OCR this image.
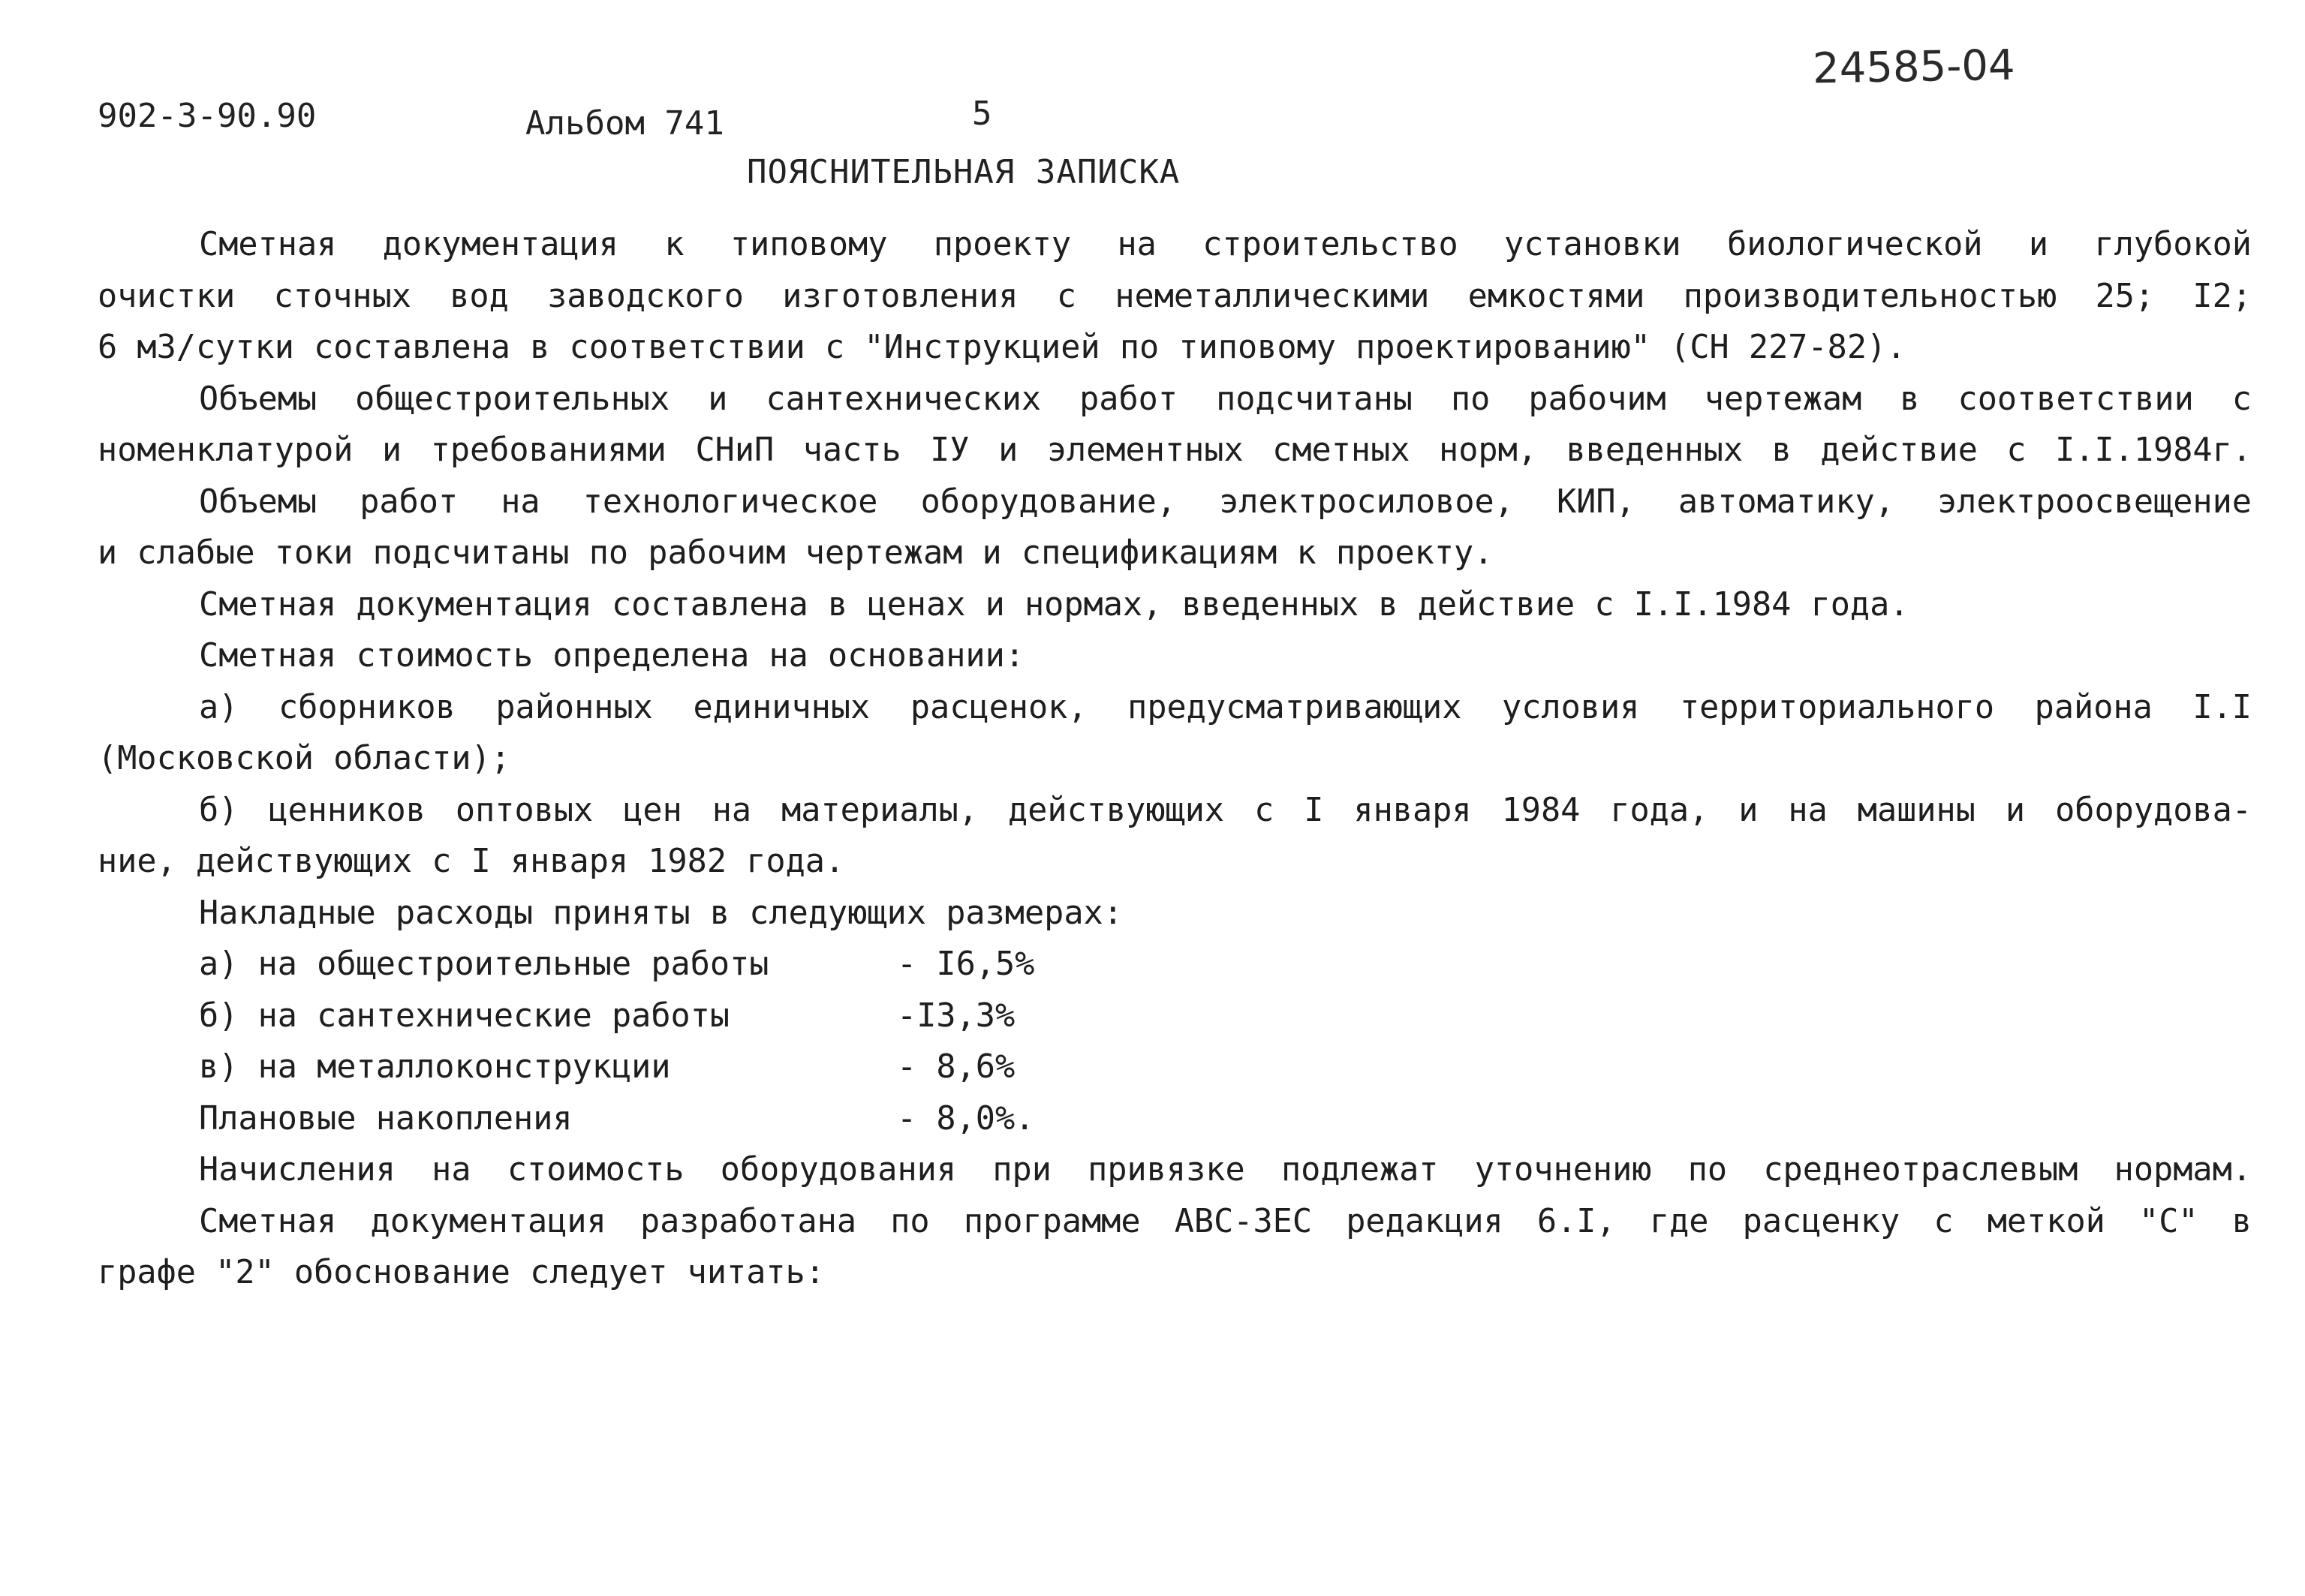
902-3-90.90	Альбом 741	5
24585-04
ПОЯСНИТЕЛЬНАЯ ЗАПИСКА
Сметная документация к типовому проекту на строительство установки биологической и глубокой
очистки сточных вод заводского изготовления с неметаллическими емкостями производительностью 25; I2;
6 м3/сутки составлена в соответствии с "Инструкцией по типовому проектированию" (СН 227-82).
Объемы общестроительных и сантехнических работ подсчитаны по рабочим чертежам в соответствии с
номенклатурой и требованиями СНиП часть IУ и элементных сметных норм, введенных в действие с I.I.1984г.
Объемы работ на технологическое оборудование, электросиловое, КИП, автоматику, электроосвещение
и слабые токи подсчитаны по рабочим чертежам и спецификациям к проекту.
Сметная документация составлена в ценах и нормах, введенных в действие с I.I.1984 года.
Сметная стоимость определена на основании:
а) сборников районных единичных расценок, предусматривающих условия территориального района I.I
(Московской области);
б) ценников оптовых цен на материалы, действующих с I января 1984 года, и на машины и оборудова-
ние, действующих с I января 1982 года.
Накладные расходы приняты в следующих размерах:
а) на общестроительные работы	- I6,5%
б) на сантехнические работы	-I3,3%
в) на металлоконструкции	- 8,6%
Плановые накопления	- 8,0%.
Начисления на стоимость оборудования при привязке подлежат уточнению по среднеотраслевым нормам.
Сметная документация разработана по программе АВС-3ЕС редакция 6.I, где расценку с меткой "С" в
графе "2" обоснование следует читать:
